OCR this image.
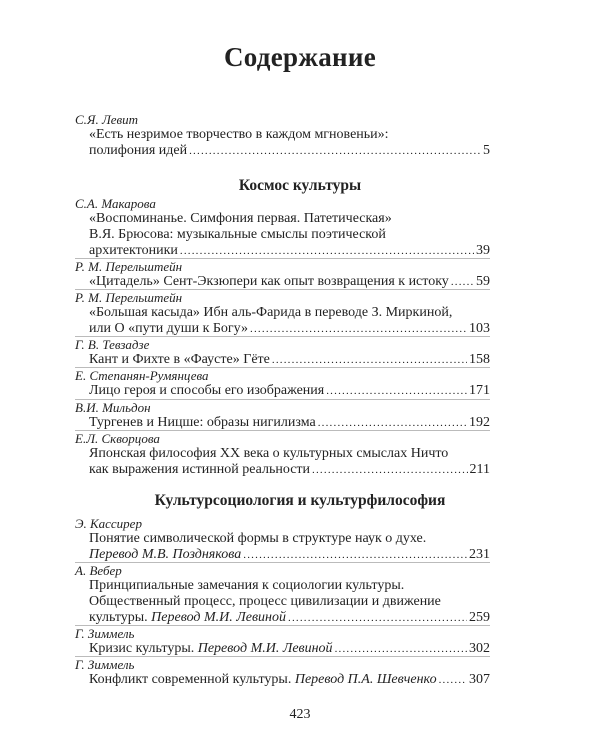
Содержание
С.Я. Левит
«Есть незримое творчество в каждом мгновеньи»:
полифония идей .....	5
Космос культуры
С.А. Макарова
«Воспоминанье. Симфония первая. Патетическая»
В.Я. Брюсова: музыкальные смыслы поэтической
архитектоники .....	39
Р. М. Перельштейн
«Цитадель» Сент-Экзюпери как опыт возвращения к истоку ..... 59
Р. М. Перельштейн
«Большая касыда» Ибн аль-Фарида в переводе З. Миркиной,
или О «пути души к Богу» .....	103
Г. В. Тевзадзе
Кант и Фихте в «Фаусте» Гёте .....	158
Е. Степанян-Румянцева
Лицо героя и способы его изображения .....	171
В.И. Мильдон
Тургенев и Ницше: образы нигилизма .....	192
Е.Л. Скворцова
Японская философия XX века о культурных смыслах Ничто
как выражения истинной реальности .....	211
Культурсоциология и культурфилософия
Э. Кассирер
Понятие символической формы в структуре наук о духе.
Перевод М.В. Позднякова .....	231
А. Вебер
Принципиальные замечания к социологии культуры.
Общественный процесс, процесс цивилизации и движение
культуры.
Перевод М.И. Левиной .....	259
Г. Зиммель
Кризис культуры.
Перевод М.И. Левиной .....	302
Г. Зиммель
Конфликт современной культуры.
Перевод П.А. Шевченко ..... 307
423
